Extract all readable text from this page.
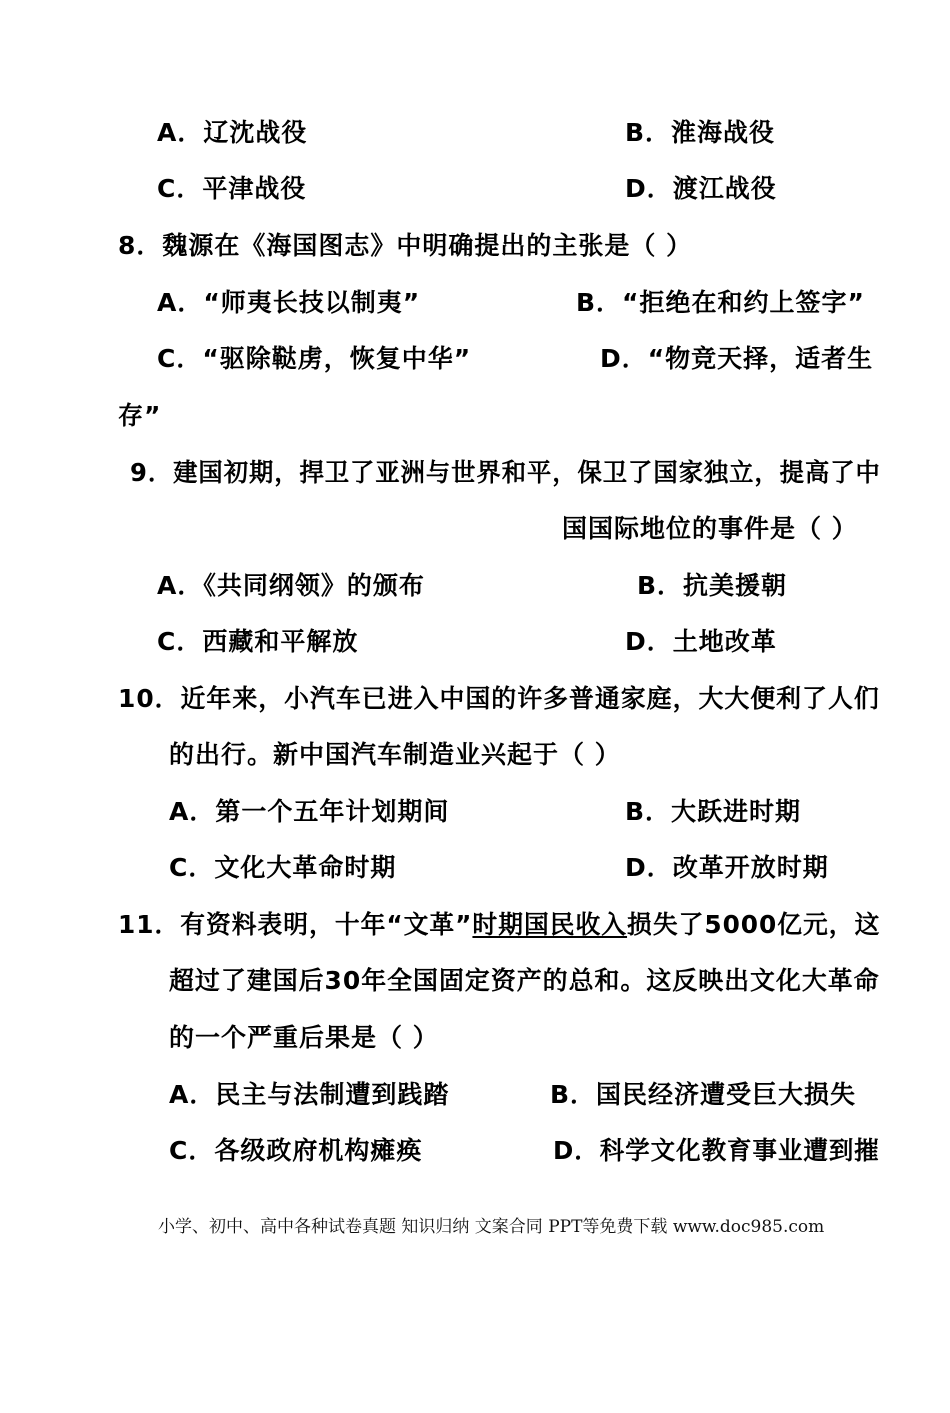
A．辽沈战役	B．淮海战役
C．平津战役	D．渡江战役
8．魏源在《海国图志》中明确提出的主张是（ ）
A．“师夷长技以制夷”	B．“拒绝在和约上签字”
C．“驱除鞑虏，恢复中华”	D．“物竞天择，适者生
存”
9．建国初期，捍卫了亚洲与世界和平，保卫了国家独立，提高了中
国国际地位的事件是（ ）
A．《共同纲领》的颁布	B．抗美援朝
C．西藏和平解放	D．土地改革
10．近年来，小汽车已进入中国的许多普通家庭，大大便利了人们
的出行。新中国汽车制造业兴起于（ ）
A．第一个五年计划期间	B．大跃进时期
C．文化大革命时期	D．改革开放时期
11．有资料表明，十年“文革”时期国民收入损失了5000亿元，这
超过了建国后30年全国固定资产的总和。这反映出文化大革命
的一个严重后果是（ ）
A．民主与法制遭到践踏	B．国民经济遭受巨大损失
C．各级政府机构瘫痪	D．科学文化教育事业遭到摧
小学、初中、高中各种试卷真题 知识归纳 文案合同 PPT等免费下载 www.doc985.com
